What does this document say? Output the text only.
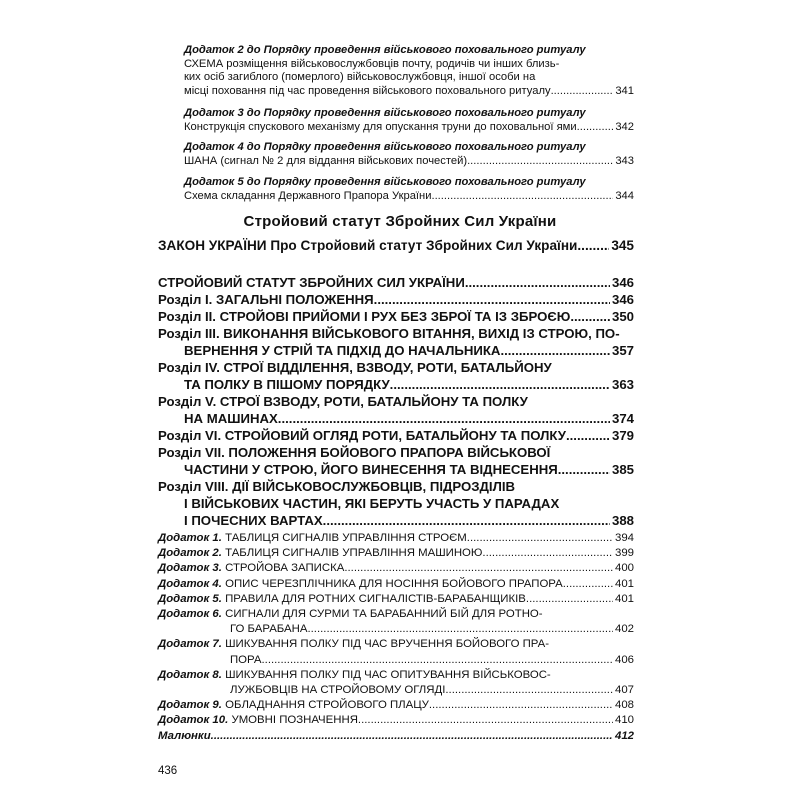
Додаток 2 до Порядку проведення військового поховального ритуалу

СХЕМА розміщення військовослужбовців почту, родичів чи інших близь-

ких осіб загиблого (померлого) військовослужбовця, іншої особи на

місці поховання під час проведення військового поховального ритуалу .....	341

Додаток 3 до Порядку проведення військового поховального ритуалу

Конструкція спускового механізму для опускання труни до поховальної ями .....	342

Додаток 4 до Порядку проведення військового поховального ритуалу

ШАНА (сигнал № 2 для віддання військових почестей) .....	343

Додаток 5 до Порядку проведення військового поховального ритуалу

Схема складання Державного Прапора України .....	344
Стройовий статут Збройних Сил України
ЗАКОН УКРАЇНИ Про Стройовий статут Збройних Сил України ..... 345
СТРОЙОВИЙ СТАТУТ ЗБРОЙНИХ СИЛ УКРАЇНИ .....	346
Розділ I. ЗАГАЛЬНІ ПОЛОЖЕННЯ .....	346
Розділ II. СТРОЙОВІ ПРИЙОМИ І РУХ БЕЗ ЗБРОЇ ТА ІЗ ЗБРОЄЮ .....	350

Розділ III. ВИКОНАННЯ ВІЙСЬКОВОГО ВІТАННЯ, ВИХІД ІЗ СТРОЮ, ПО-

ВЕРНЕННЯ У СТРІЙ ТА ПІДХІД ДО НАЧАЛЬНИКА .....	357

Розділ IV. СТРОЇ ВІДДІЛЕННЯ, ВЗВОДУ, РОТИ, БАТАЛЬЙОНУ

ТА ПОЛКУ В ПІШОМУ ПОРЯДКУ .....	363

Розділ V. СТРОЇ ВЗВОДУ, РОТИ, БАТАЛЬЙОНУ ТА ПОЛКУ

НА МАШИНАХ .....	374
Розділ VI. СТРОЙОВИЙ ОГЛЯД РОТИ, БАТАЛЬЙОНУ ТА ПОЛКУ .....	379

Розділ VII. ПОЛОЖЕННЯ БОЙОВОГО ПРАПОРА ВІЙСЬКОВОЇ

ЧАСТИНИ У СТРОЮ, ЙОГО ВИНЕСЕННЯ ТА ВІДНЕСЕННЯ .....	385

Розділ VIII. ДІЇ ВІЙСЬКОВОСЛУЖБОВЦІВ, ПІДРОЗДІЛІВ

І ВІЙСЬКОВИХ ЧАСТИН, ЯКІ БЕРУТЬ УЧАСТЬ У ПАРАДАХ

І ПОЧЕСНИХ ВАРТАХ .....	388
Додаток 1. ТАБЛИЦЯ СИГНАЛІВ УПРАВЛІННЯ СТРОЄМ .....	394
Додаток 2. ТАБЛИЦЯ СИГНАЛІВ УПРАВЛІННЯ МАШИНОЮ .....	399
Додаток 3. СТРОЙОВА ЗАПИСКА .....	400
Додаток 4. ОПИС ЧЕРЕЗПЛІЧНИКА ДЛЯ НОСІННЯ БОЙОВОГО ПРАПОРА .....	401
Додаток 5. ПРАВИЛА ДЛЯ РОТНИХ СИГНАЛІСТІВ-БАРАБАНЩИКІВ .....	401

Додаток 6. СИГНАЛИ ДЛЯ СУРМИ ТА БАРАБАННИЙ БІЙ ДЛЯ РОТНО-

ГО БАРАБАНА .....	402

Додаток 7. ШИКУВАННЯ ПОЛКУ ПІД ЧАС ВРУЧЕННЯ БОЙОВОГО ПРА-

ПОРА .....	406

Додаток 8. ШИКУВАННЯ ПОЛКУ ПІД ЧАС ОПИТУВАННЯ ВІЙСЬКОВОС-

ЛУЖБОВЦІВ НА СТРОЙОВОМУ ОГЛЯДІ .....	407
Додаток 9. ОБЛАДНАННЯ СТРОЙОВОГО ПЛАЦУ .....	408
Додаток 10. УМОВНІ ПОЗНАЧЕННЯ .....	410
Малюнки .....	412
436
